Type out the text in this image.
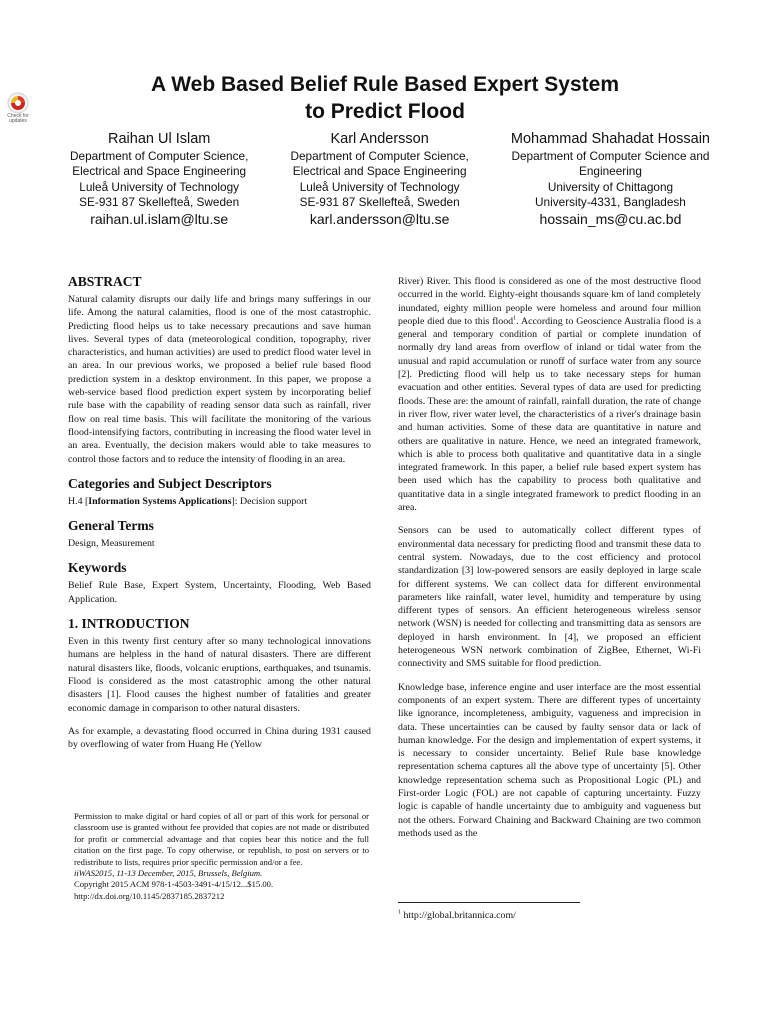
Check for updates
A Web Based Belief Rule Based Expert System
to Predict Flood
Raihan Ul Islam
Department of Computer Science,
Electrical and Space Engineering
Luleå University of Technology
SE-931 87 Skellefteå, Sweden
raihan.ul.islam@ltu.se
Karl Andersson
Department of Computer Science,
Electrical and Space Engineering
Luleå University of Technology
SE-931 87 Skellefteå, Sweden
karl.andersson@ltu.se
Mohammad Shahadat Hossain
Department of Computer Science and
Engineering
University of Chittagong
University-4331, Bangladesh
hossain_ms@cu.ac.bd
ABSTRACT

Natural calamity disrupts our daily life and brings many sufferings in our life. Among the natural calamities, flood is one of the most catastrophic. Predicting flood helps us to take necessary precautions and save human lives. Several types of data (meteorological condition, topography, river characteristics, and human activities) are used to predict flood water level in an area. In our previous works, we proposed a belief rule based flood prediction system in a desktop environment. In this paper, we propose a web-service based flood prediction expert system by incorporating belief rule base with the capability of reading sensor data such as rainfall, river flow on real time basis. This will facilitate the monitoring of the various flood-intensifying factors, contributing in increasing the flood water level in an area. Eventually, the decision makers would able to take measures to control those factors and to reduce the intensity of flooding in an area.

Categories and Subject Descriptors

H.4 [Information Systems Applications]: Decision support

General Terms

Design, Measurement

Keywords

Belief Rule Base, Expert System, Uncertainty, Flooding, Web Based Application.

1. INTRODUCTION

Even in this twenty first century after so many technological innovations humans are helpless in the hand of natural disasters. There are different natural disasters like, floods, volcanic eruptions, earthquakes, and tsunamis. Flood is considered as the most catastrophic among the other natural disasters [1]. Flood causes the highest number of fatalities and greater economic damage in comparison to other natural disasters.

As for example, a devastating flood occurred in China during 1931 caused by overflowing of water from Huang He (Yellow

Permission to make digital or hard copies of all or part of this work for personal or classroom use is granted without fee provided that copies are not made or distributed for profit or commercial advantage and that copies bear this notice and the full citation on the first page. To copy otherwise, or republish, to post on servers or to redistribute to lists, requires prior specific permission and/or a fee.

iiWAS2015, 11-13 December, 2015, Brussels, Belgium.

Copyright 2015 ACM 978-1-4503-3491-4/15/12...$15.00.

http://dx.doi.org/10.1145/2837185.2837212

River) River. This flood is considered as one of the most destructive flood occurred in the world. Eighty-eight thousands square km of land completely inundated, eighty million people were homeless and around four million people died due to this flood$^1$. According to Geoscience Australia flood is a general and temporary condition of partial or complete inundation of normally dry land areas from overflow of inland or tidal water from the unusual and rapid accumulation or runoff of surface water from any source [2]. Predicting flood will help us to take necessary steps for human evacuation and other entities. Several types of data are used for predicting floods. These are: the amount of rainfall, rainfall duration, the rate of change in river flow, river water level, the characteristics of a river's drainage basin and human activities. Some of these data are quantitative in nature and others are qualitative in nature. Hence, we need an integrated framework, which is able to process both qualitative and quantitative data in a single integrated framework. In this paper, a belief rule based expert system has been used which has the capability to process both qualitative and quantitative data in a single integrated framework to predict flooding in an area.

Sensors can be used to automatically collect different types of environmental data necessary for predicting flood and transmit these data to central system. Nowadays, due to the cost efficiency and protocol standardization [3] low-powered sensors are easily deployed in large scale for different systems. We can collect data for different environmental parameters like rainfall, water level, humidity and temperature by using different types of sensors. An efficient heterogeneous wireless sensor network (WSN) is needed for collecting and transmitting data as sensors are deployed in harsh environment. In [4], we proposed an efficient heterogeneous WSN network combination of ZigBee, Ethernet, Wi-Fi connectivity and SMS suitable for flood prediction.

Knowledge base, inference engine and user interface are the most essential components of an expert system. There are different types of uncertainty like ignorance, incompleteness, ambiguity, vagueness and imprecision in data. These uncertainties can be caused by faulty sensor data or lack of human knowledge. For the design and implementation of expert systems, it is necessary to consider uncertainty. Belief Rule base knowledge representation schema captures all the above type of uncertainty [5]. Other knowledge representation schema such as Propositional Logic (PL) and First-order Logic (FOL) are not capable of capturing uncertainty. Fuzzy logic is capable of handle uncertainty due to ambiguity and vagueness but not the others. Forward Chaining and Backward Chaining are two common methods used as the

$^1$ http://global.britannica.com/
